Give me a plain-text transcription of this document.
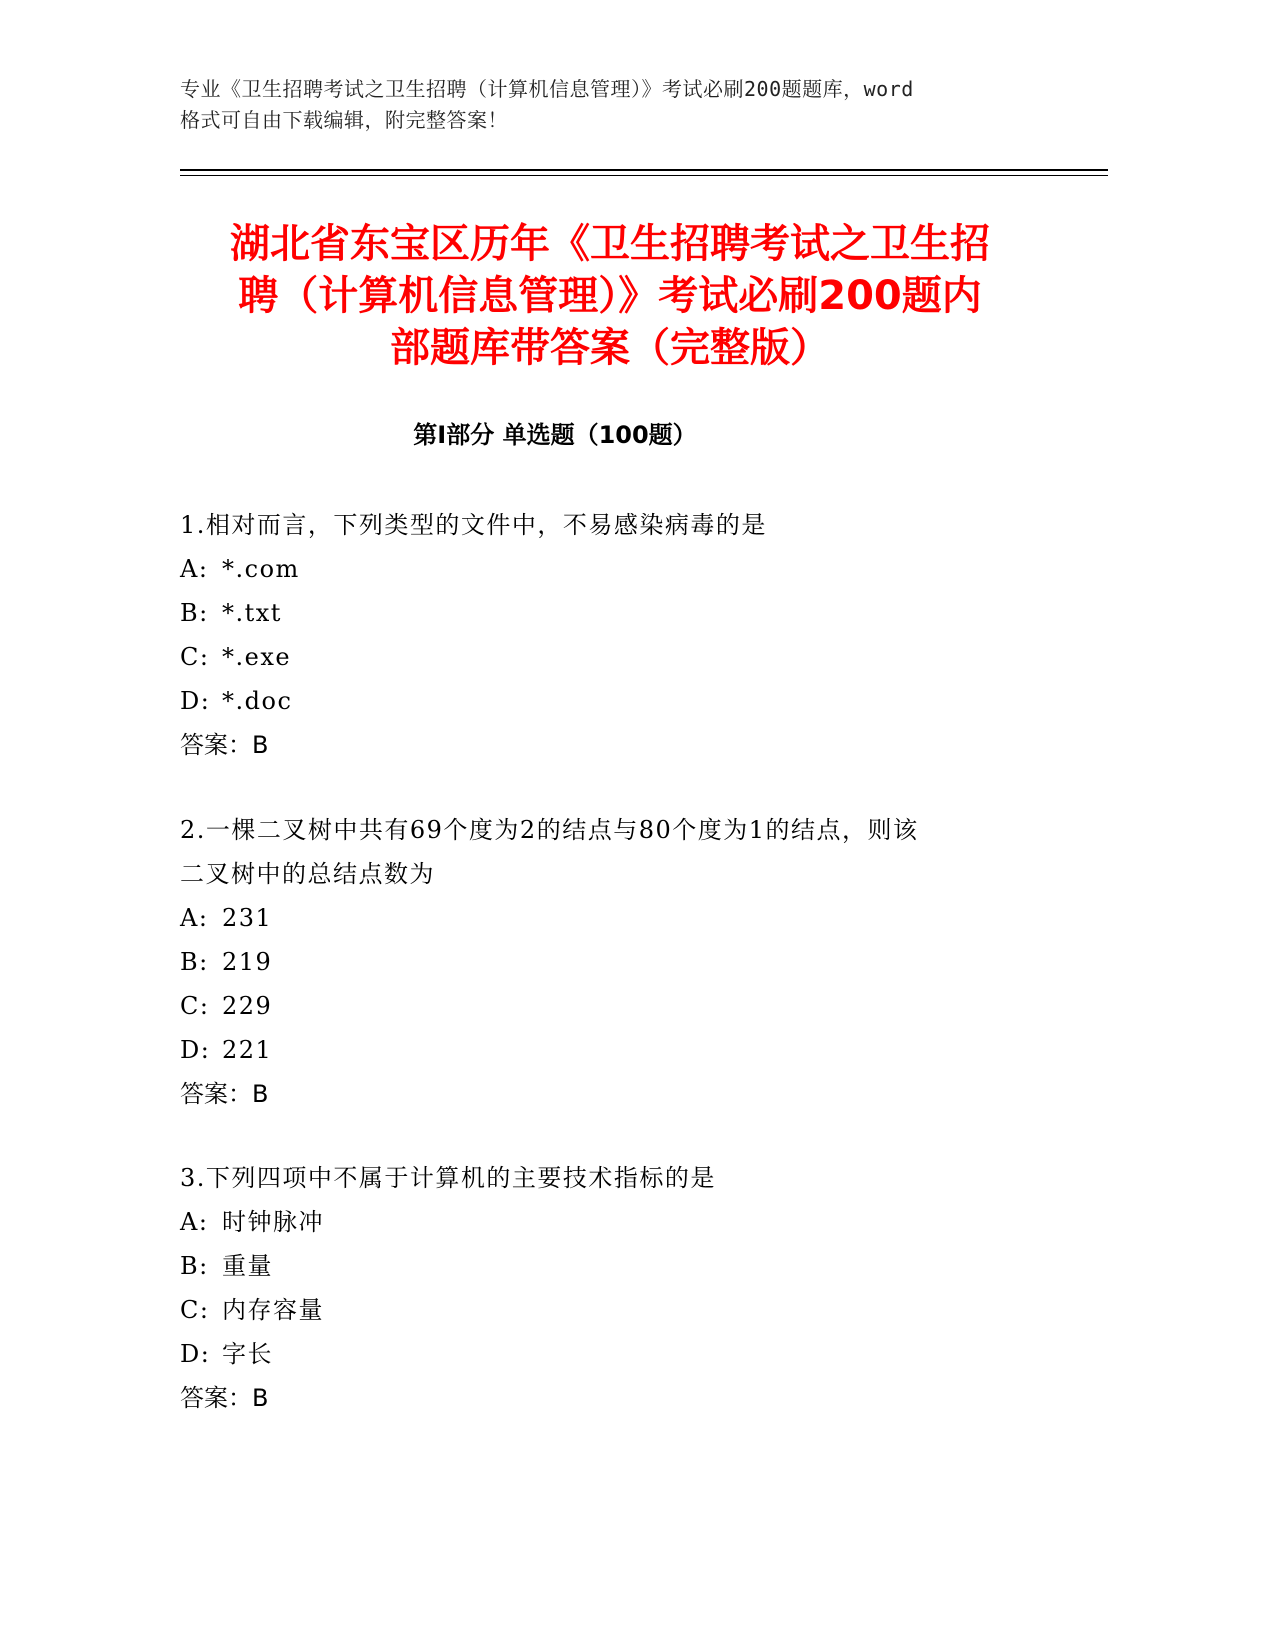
专业《卫生招聘考试之卫生招聘（计算机信息管理）》考试必刷200题题库，word
格式可自由下载编辑，附完整答案！
湖北省东宝区历年《卫生招聘考试之卫生招
聘（计算机信息管理）》考试必刷200题内
部题库带答案（完整版）
第Ⅰ部分 单选题（100题）

1.相对而言，下列类型的文件中，不易感染病毒的是

A: *.com
B: *.txt
C: *.exe
D: *.doc

答案：B

2.一棵二叉树中共有69个度为2的结点与80个度为1的结点，则该

二叉树中的总结点数为

A: 231
B: 219
C: 229
D: 221

答案：B

3.下列四项中不属于计算机的主要技术指标的是

A: 时钟脉冲
B: 重量
C: 内存容量
D: 字长

答案：B
